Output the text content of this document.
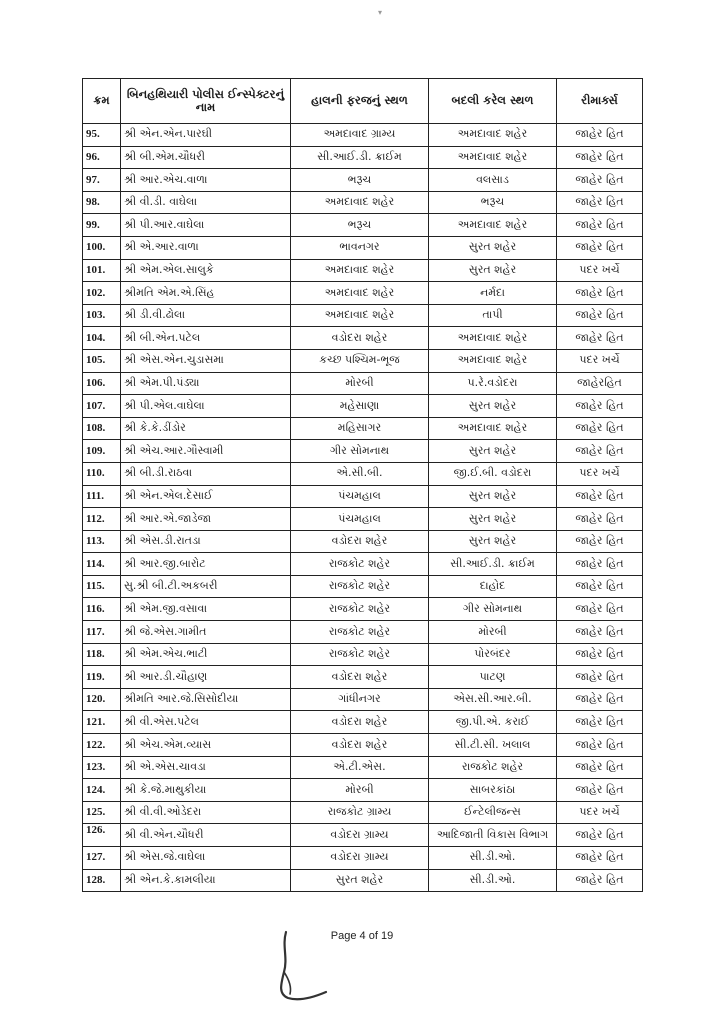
▾
ક્રમ	બિનહથિયારી પોલીસ ઈન્સ્પેક્ટરનું નામ	હાલની ફરજનું સ્થળ	બદલી કરેલ સ્થળ	રીમાર્ક્સ
95.	શ્રી એન.એન.પારઘી	અમદાવાદ ગ્રામ્ય	અમદાવાદ શહેર	જાહેર હિત
96.	શ્રી બી.એમ.ચૌધરી	સી.આઈ.ડી. ક્રાઈમ	અમદાવાદ શહેર	જાહેર હિત
97.	શ્રી આર.એચ.વાળા	ભરૂચ	વલસાડ	જાહેર હિત
98.	શ્રી વી.ડી. વાઘેલા	અમદાવાદ શહેર	ભરૂચ	જાહેર હિત
99.	શ્રી પી.આર.વાઘેલા	ભરૂચ	અમદાવાદ શહેર	જાહેર હિત
100.	શ્રી એ.આર.વાળા	ભાવનગર	સુરત શહેર	જાહેર હિત
101.	શ્રી એમ.એલ.સાલુકે	અમદાવાદ શહેર	સુરત શહેર	પદર ખર્ચે
102.	શ્રીમતિ એમ.એ.સિંહ	અમદાવાદ શહેર	નર્મદા	જાહેર હિત
103.	શ્રી ડી.વી.ઢોલા	અમદાવાદ શહેર	તાપી	જાહેર હિત
104.	શ્રી બી.એન.પટેલ	વડોદરા શહેર	અમદાવાદ શહેર	જાહેર હિત
105.	શ્રી એસ.એન.ચુડાસમા	કચ્છ પશ્ચિમ-ભૂજ	અમદાવાદ શહેર	પદર ખર્ચે
106.	શ્રી એમ.પી.પંડ્યા	મોરબી	પ.રે.વડોદરા	જાહેરહિત
107.	શ્રી પી.એલ.વાઘેલા	મહેસાણા	સુરત શહેર	જાહેર હિત
108.	શ્રી કે.કે.ડીંડોર	મહિસાગર	અમદાવાદ શહેર	જાહેર હિત
109.	શ્રી એચ.આર.ગૌસ્વામી	ગીર સોમનાથ	સુરત શહેર	જાહેર હિત
110.	શ્રી બી.ડી.રાઠવા	એ.સી.બી.	જી.ઈ.બી. વડોદરા	પદર ખર્ચે
111.	શ્રી એન.એલ.દેસાઈ	પંચમહાલ	સુરત શહેર	જાહેર હિત
112.	શ્રી આર.એ.જાડેજા	પંચમહાલ	સુરત શહેર	જાહેર હિત
113.	શ્રી એસ.ડી.રાતડા	વડોદરા શહેર	સુરત શહેર	જાહેર હિત
114.	શ્રી આર.જી.બારોટ	રાજકોટ શહેર	સી.આઈ.ડી. ક્રાઈમ	જાહેર હિત
115.	સુ.શ્રી બી.ટી.અકબરી	રાજકોટ શહેર	દાહોદ	જાહેર હિત
116.	શ્રી એમ.જી.વસાવા	રાજકોટ શહેર	ગીર સોમનાથ	જાહેર હિત
117.	શ્રી જે.એસ.ગામીત	રાજકોટ શહેર	મોરબી	જાહેર હિત
118.	શ્રી એમ.એચ.ભાટી	રાજકોટ શહેર	પોરબંદર	જાહેર હિત
119.	શ્રી આર.ડી.ચૌહાણ	વડોદરા શહેર	પાટણ	જાહેર હિત
120.	શ્રીમતિ આર.જે.સિસોદીયા	ગાંધીનગર	એસ.સી.આર.બી.	જાહેર હિત
121.	શ્રી વી.એસ.પટેલ	વડોદરા શહેર	જી.પી.એ. કરાઈ	જાહેર હિત
122.	શ્રી એચ.એમ.વ્યાસ	વડોદરા શહેર	સી.ટી.સી. ખલાલ	જાહેર હિત
123.	શ્રી એ.એસ.ચાવડા	એ.ટી.એસ.	રાજકોટ શહેર	જાહેર હિત
124.	શ્રી કે.જે.માથુકીયા	મોરબી	સાબરકાંઠા	જાહેર હિત
125.	શ્રી વી.વી.ઓડેદરા	રાજકોટ ગ્રામ્ય	ઈન્ટેલીજન્સ	પદર ખર્ચે
126.	શ્રી વી.એન.ચૌધરી	વડોદરા ગ્રામ્ય	આદિજાતી વિકાસ વિભાગ	જાહેર હિત
127.	શ્રી એસ.જે.વાઘેલા	વડોદરા ગ્રામ્ય	સી.ડી.ઓ.	જાહેર હિત
128.	શ્રી એન.કે.કામલીયા	સુરત શહેર	સી.ડી.ઓ.	જાહેર હિત
Page 4 of 19
